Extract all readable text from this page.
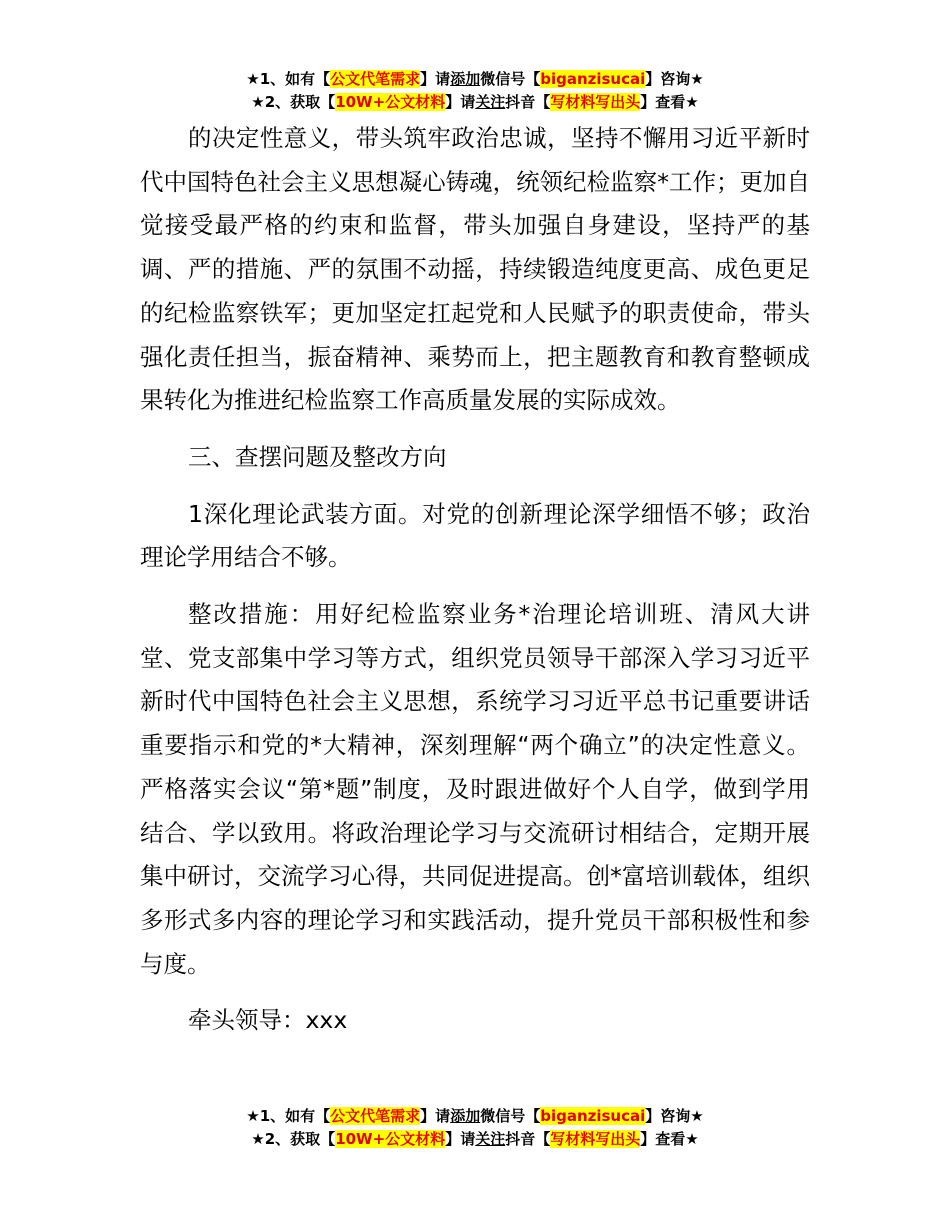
★1、如有【公文代笔需求】请添加微信号【biganzisucai】咨询★
★2、获取【10W+公文材料】请关注抖音【写材料写出头】查看★

的决定性意义，带头筑牢政治忠诚，坚持不懈用习近平新时代中国特色社会主义思想凝心铸魂，统领纪检监察*工作；更加自觉接受最严格的约束和监督，带头加强自身建设，坚持严的基调、严的措施、严的氛围不动摇，持续锻造纯度更高、成色更足的纪检监察铁军；更加坚定扛起党和人民赋予的职责使命，带头强化责任担当，振奋精神、乘势而上，把主题教育和教育整顿成果转化为推进纪检监察工作高质量发展的实际成效。

三、查摆问题及整改方向

1深化理论武装方面。对党的创新理论深学细悟不够；政治理论学用结合不够。

整改措施：用好纪检监察业务*治理论培训班、清风大讲堂、党支部集中学习等方式，组织党员领导干部深入学习习近平新时代中国特色社会主义思想，系统学习习近平总书记重要讲话重要指示和党的*大精神，深刻理解“两个确立”的决定性意义。严格落实会议“第*题”制度，及时跟进做好个人自学，做到学用结合、学以致用。将政治理论学习与交流研讨相结合，定期开展集中研讨，交流学习心得，共同促进提高。创*富培训载体，组织多形式多内容的理论学习和实践活动，提升党员干部积极性和参与度。

牵头领导：xxx

★1、如有【公文代笔需求】请添加微信号【biganzisucai】咨询★
★2、获取【10W+公文材料】请关注抖音【写材料写出头】查看★
